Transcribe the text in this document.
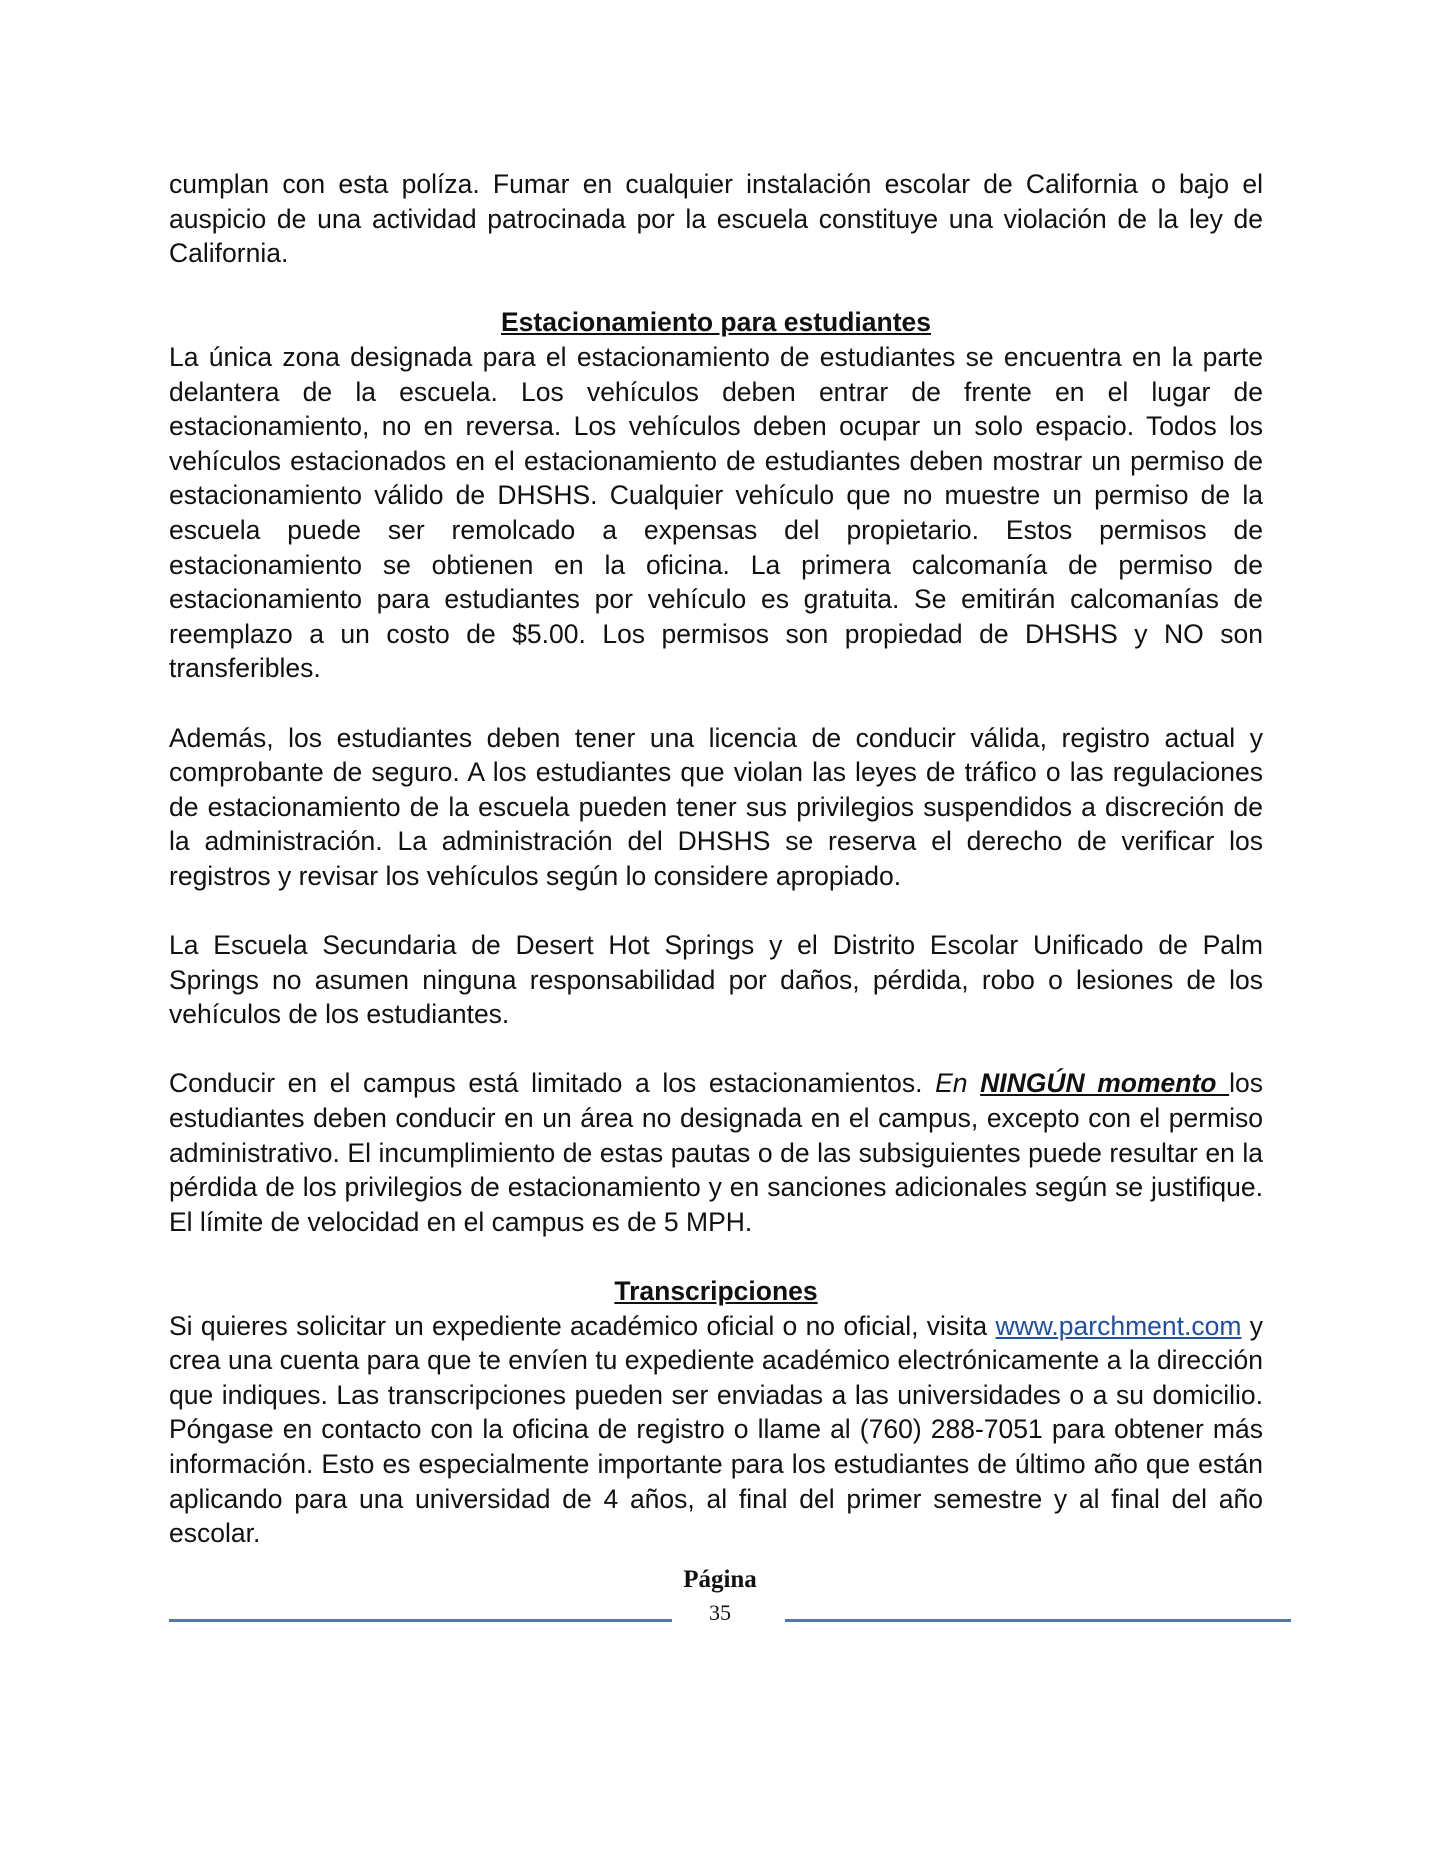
cumplan con esta políza. Fumar en cualquier instalación escolar de California o bajo el auspicio de una actividad patrocinada por la escuela constituye una violación de la ley de California.

Estacionamiento para estudiantes

La única zona designada para el estacionamiento de estudiantes se encuentra en la parte delantera de la escuela. Los vehículos deben entrar de frente en el lugar de estacionamiento, no en reversa. Los vehículos deben ocupar un solo espacio. Todos los vehículos estacionados en el estacionamiento de estudiantes deben mostrar un permiso de estacionamiento válido de DHSHS. Cualquier vehículo que no muestre un permiso de la escuela puede ser remolcado a expensas del propietario. Estos permisos de estacionamiento se obtienen en la oficina. La primera calcomanía de permiso de estacionamiento para estudiantes por vehículo es gratuita. Se emitirán calcomanías de reemplazo a un costo de $5.00. Los permisos son propiedad de DHSHS y NO son transferibles.

Además, los estudiantes deben tener una licencia de conducir válida, registro actual y comprobante de seguro. A los estudiantes que violan las leyes de tráfico o las regulaciones de estacionamiento de la escuela pueden tener sus privilegios suspendidos a discreción de la administración. La administración del DHSHS se reserva el derecho de verificar los registros y revisar los vehículos según lo considere apropiado.

La Escuela Secundaria de Desert Hot Springs y el Distrito Escolar Unificado de Palm Springs no asumen ninguna responsabilidad por daños, pérdida, robo o lesiones de los vehículos de los estudiantes.

Conducir en el campus está limitado a los estacionamientos. En NINGÚN momento los estudiantes deben conducir en un área no designada en el campus, excepto con el permiso administrativo. El incumplimiento de estas pautas o de las subsiguientes puede resultar en la pérdida de los privilegios de estacionamiento y en sanciones adicionales según se justifique. El límite de velocidad en el campus es de 5 MPH.

Transcripciones

Si quieres solicitar un expediente académico oficial o no oficial, visita www.parchment.com y crea una cuenta para que te envíen tu expediente académico electrónicamente a la dirección que indiques. Las transcripciones pueden ser enviadas a las universidades o a su domicilio. Póngase en contacto con la oficina de registro o llame al (760) 288-7051 para obtener más información. Esto es especialmente importante para los estudiantes de último año que están aplicando para una universidad de 4 años, al final del primer semestre y al final del año escolar.

Página
35
